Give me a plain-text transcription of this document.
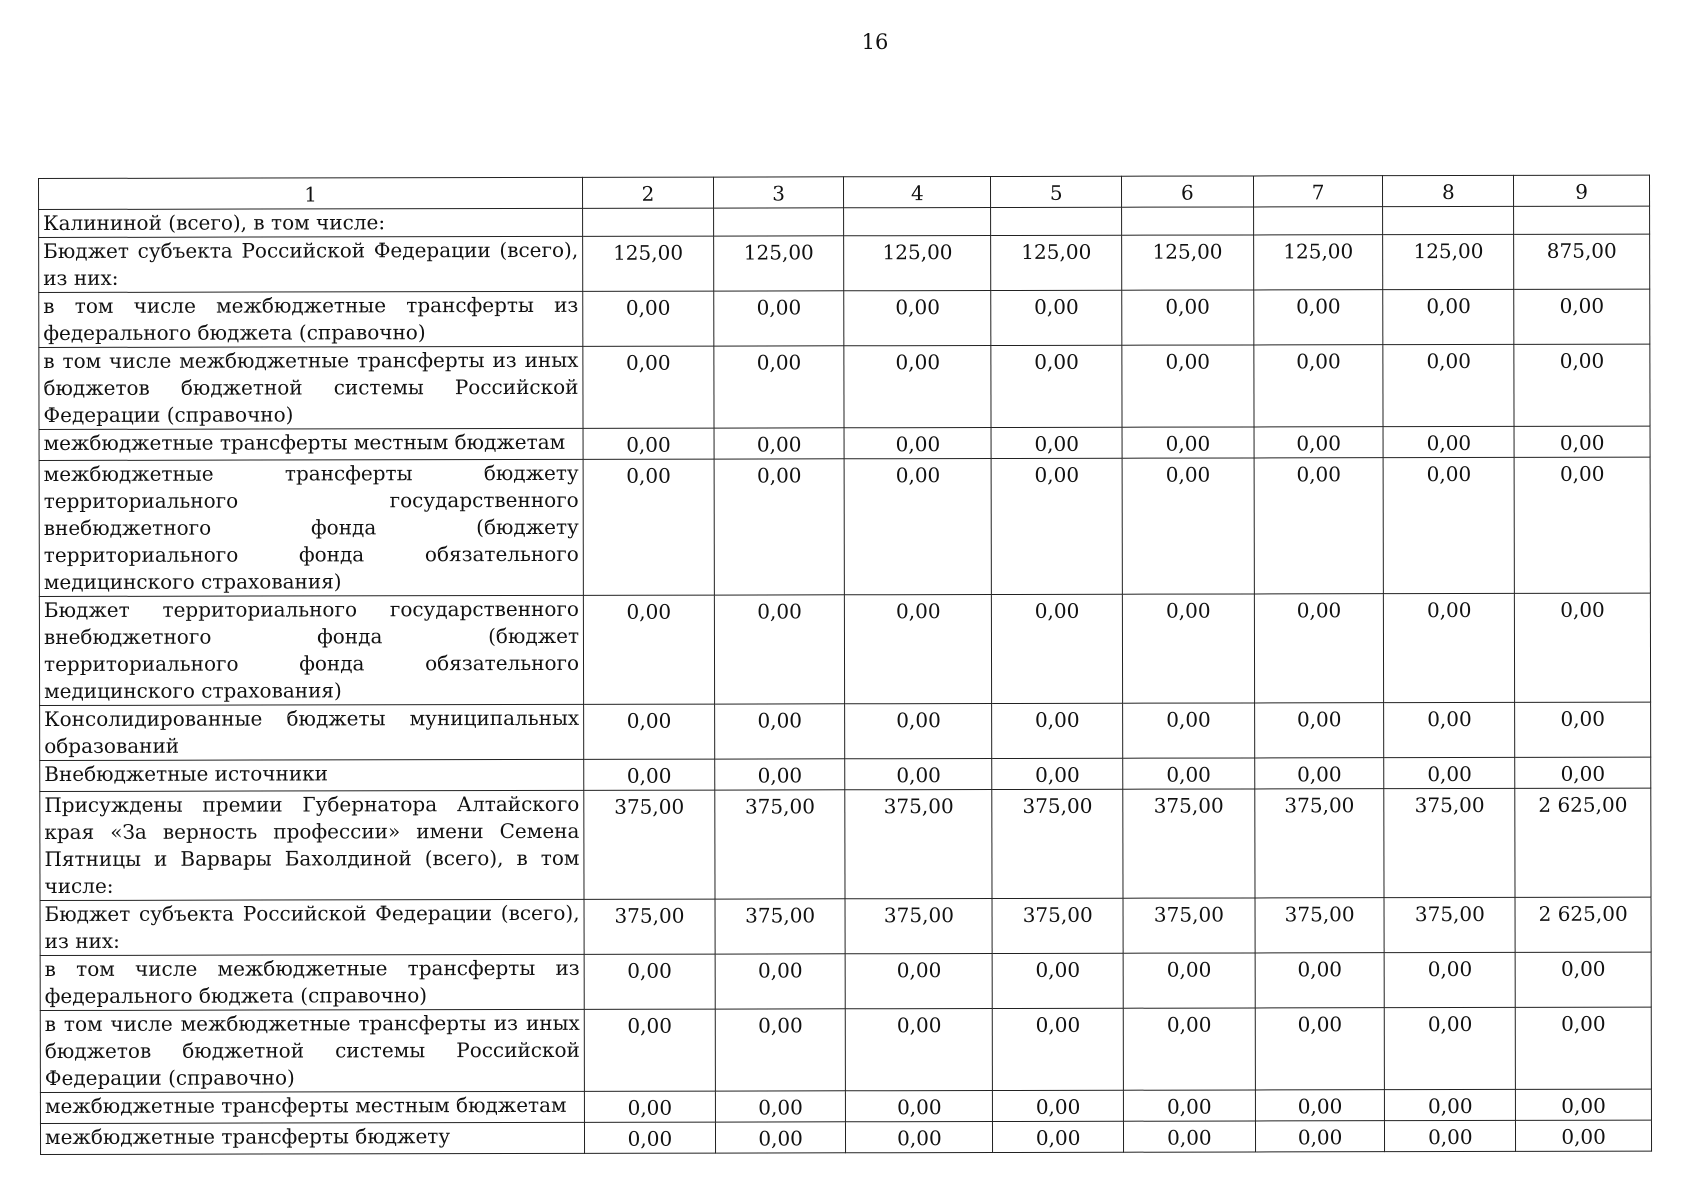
16
1	2	3	4	5	6	7	8	9
Калининой (всего), в том числе:								
Бюджет субъекта Российской Федерации (всего), из них:	125,00	125,00	125,00	125,00	125,00	125,00	125,00	875,00
в том числе межбюджетные трансферты из федерального бюджета (справочно)	0,00	0,00	0,00	0,00	0,00	0,00	0,00	0,00
в том числе межбюджетные трансферты из иных бюджетов бюджетной системы Российской Федерации (справочно)	0,00	0,00	0,00	0,00	0,00	0,00	0,00	0,00
межбюджетные трансферты местным бюджетам	0,00	0,00	0,00	0,00	0,00	0,00	0,00	0,00
межбюджетные трансферты бюджету территориального государственного внебюджетного фонда (бюджету территориального фонда обязательного медицинского страхования)	0,00	0,00	0,00	0,00	0,00	0,00	0,00	0,00
Бюджет территориального государственного внебюджетного фонда (бюджет территориального фонда обязательного медицинского страхования)	0,00	0,00	0,00	0,00	0,00	0,00	0,00	0,00
Консолидированные бюджеты муниципальных образований	0,00	0,00	0,00	0,00	0,00	0,00	0,00	0,00
Внебюджетные источники	0,00	0,00	0,00	0,00	0,00	0,00	0,00	0,00
Присуждены премии Губернатора Алтайского края «За верность профессии» имени Семена Пятницы и Варвары Бахолдиной (всего), в том числе:	375,00	375,00	375,00	375,00	375,00	375,00	375,00	2 625,00
Бюджет субъекта Российской Федерации (всего), из них:	375,00	375,00	375,00	375,00	375,00	375,00	375,00	2 625,00
в том числе межбюджетные трансферты из федерального бюджета (справочно)	0,00	0,00	0,00	0,00	0,00	0,00	0,00	0,00
в том числе межбюджетные трансферты из иных бюджетов бюджетной системы Российской Федерации (справочно)	0,00	0,00	0,00	0,00	0,00	0,00	0,00	0,00
межбюджетные трансферты местным бюджетам	0,00	0,00	0,00	0,00	0,00	0,00	0,00	0,00
межбюджетные трансферты бюджету	0,00	0,00	0,00	0,00	0,00	0,00	0,00	0,00
